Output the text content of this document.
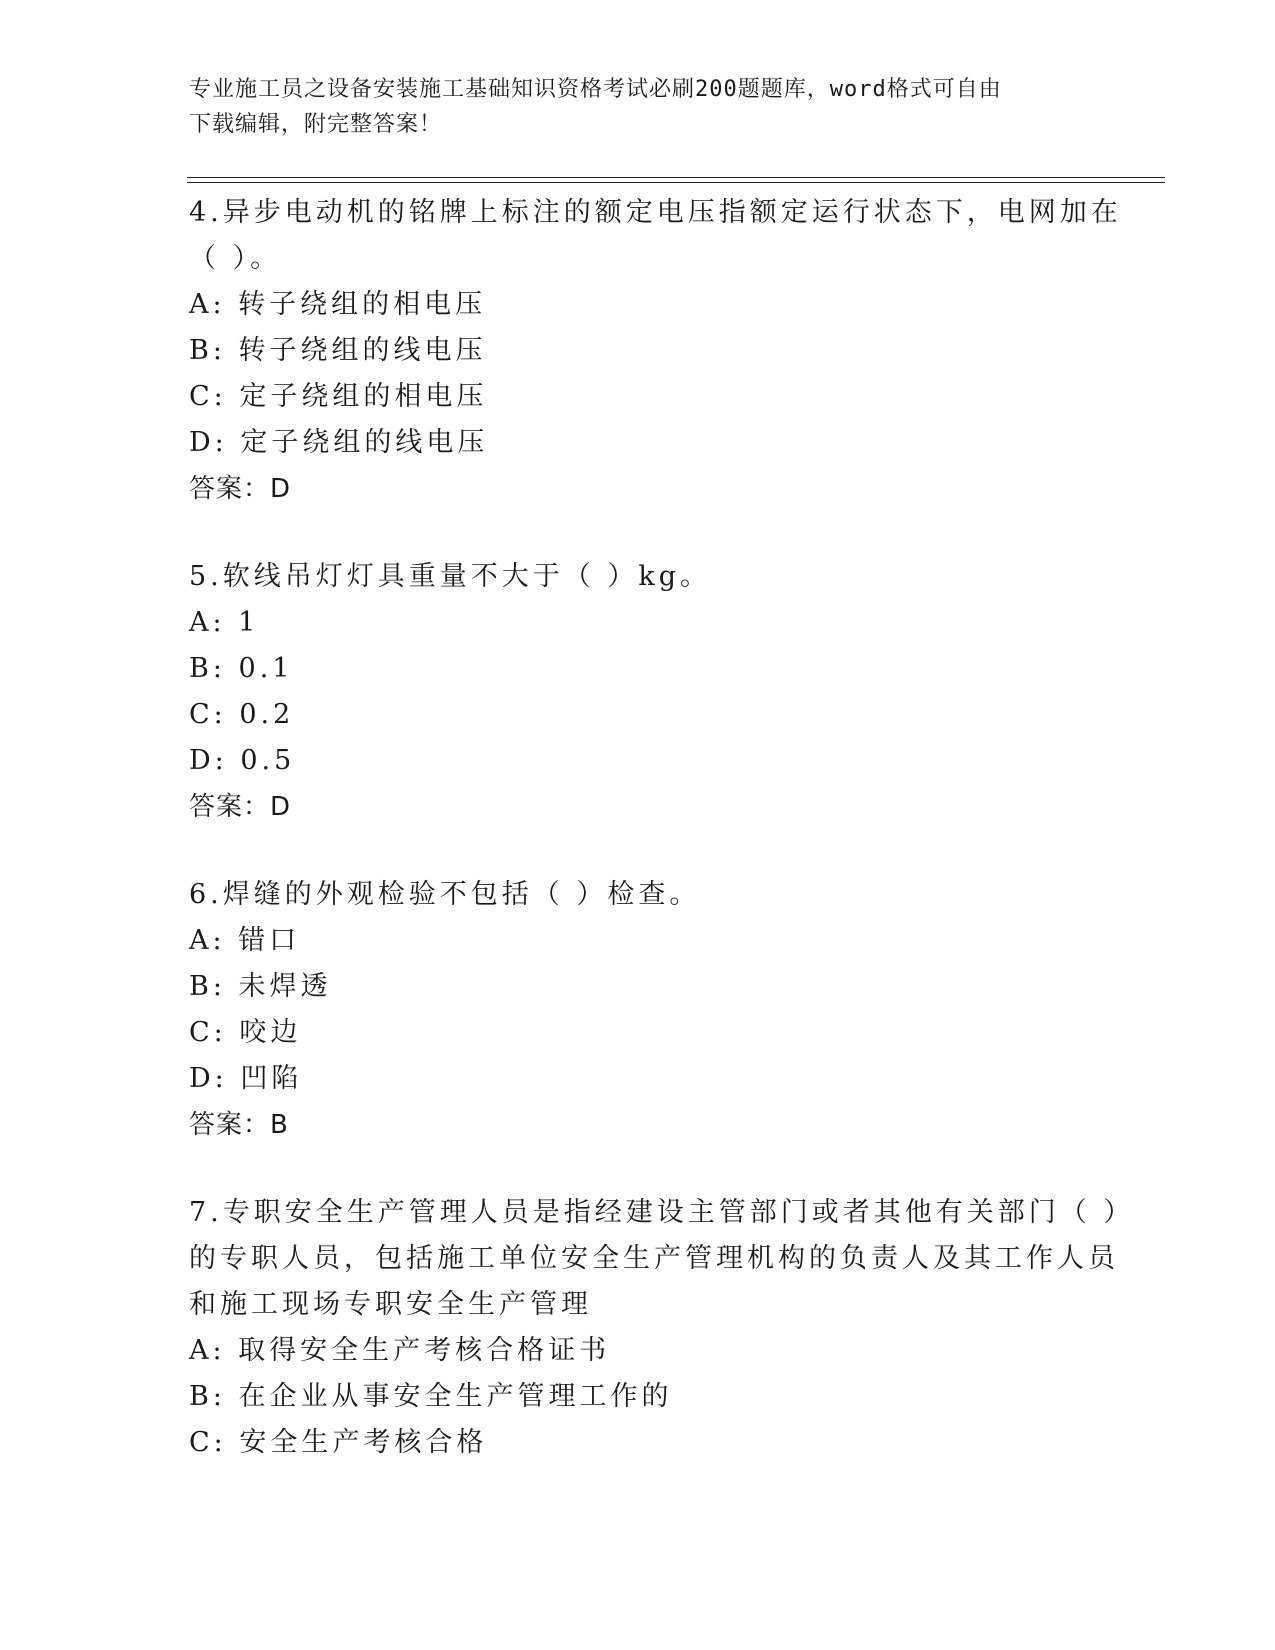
专业施工员之设备安装施工基础知识资格考试必刷200题题库，word格式可自由
下载编辑，附完整答案！
4.异步电动机的铭牌上标注的额定电压指额定运行状态下，电网加在
（ ）。
A: 转子绕组的相电压
B: 转子绕组的线电压
C: 定子绕组的相电压
D: 定子绕组的线电压
答案：D
5.软线吊灯灯具重量不大于（ ）kg。
A: 1
B: 0.1
C: 0.2
D: 0.5
答案：D
6.焊缝的外观检验不包括（ ）检查。
A: 错口
B: 未焊透
C: 咬边
D: 凹陷
答案：B
7.专职安全生产管理人员是指经建设主管部门或者其他有关部门（ ）
的专职人员，包括施工单位安全生产管理机构的负责人及其工作人员
和施工现场专职安全生产管理
A: 取得安全生产考核合格证书
B: 在企业从事安全生产管理工作的
C: 安全生产考核合格
